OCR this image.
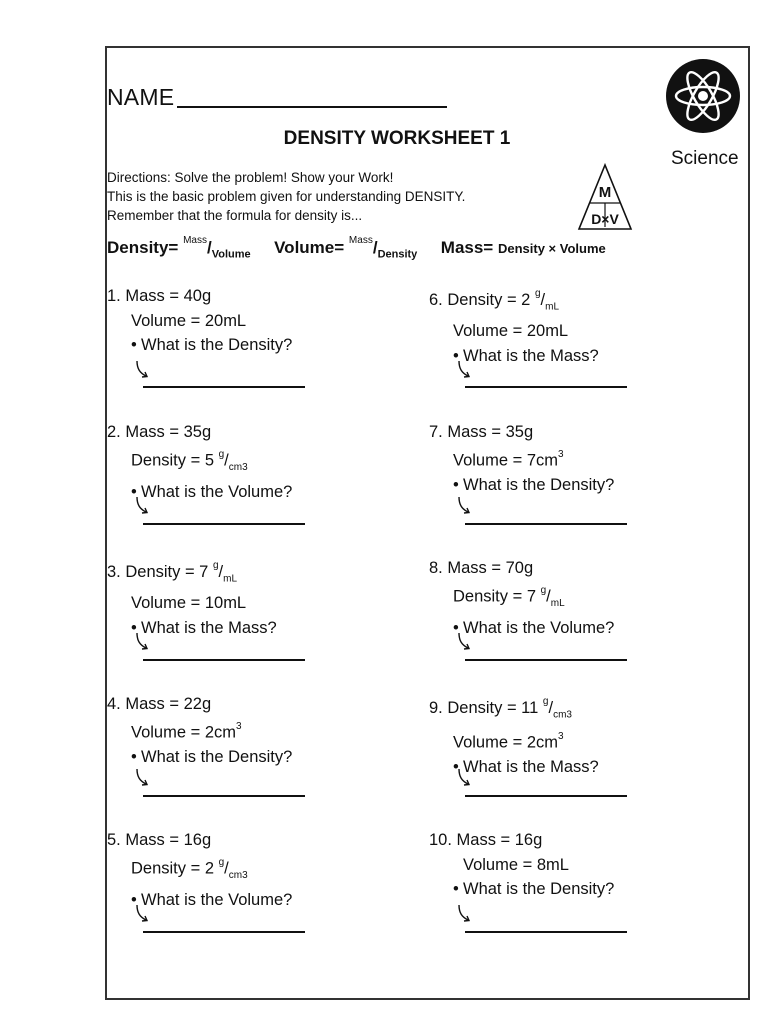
NAME
DENSITY WORKSHEET 1
Science
Directions: Solve the problem! Show your Work!
This is the basic problem given for understanding DENSITY.
Remember that the formula for density is...
M
D×V
Density= $^{Mass}/_{Volume}$ Volume= $^{Mass}/_{Density}$ Mass= Density × Volume
1. Mass = 40g
Volume = 20mL
• What is the Density?
2. Mass = 35g
Density = 5 $^g/_{cm3}$
• What is the Volume?
3. Density = 7 $^g/_{mL}$
Volume = 10mL
• What is the Mass?
4. Mass = 22g
Volume = $2cm^3$
• What is the Density?
5. Mass = 16g
Density = 2 $^g/_{cm3}$
• What is the Volume?
6. Density = 2 $^g/_{mL}$
Volume = 20mL
• What is the Mass?
7. Mass = 35g
Volume = $7cm^3$
• What is the Density?
8. Mass = 70g
Density = 7 $^g/_{mL}$
• What is the Volume?
9. Density = 11 $^g/_{cm3}$
Volume = $2cm^3$
• What is the Mass?
10. Mass = 16g
Volume = 8mL
• What is the Density?
